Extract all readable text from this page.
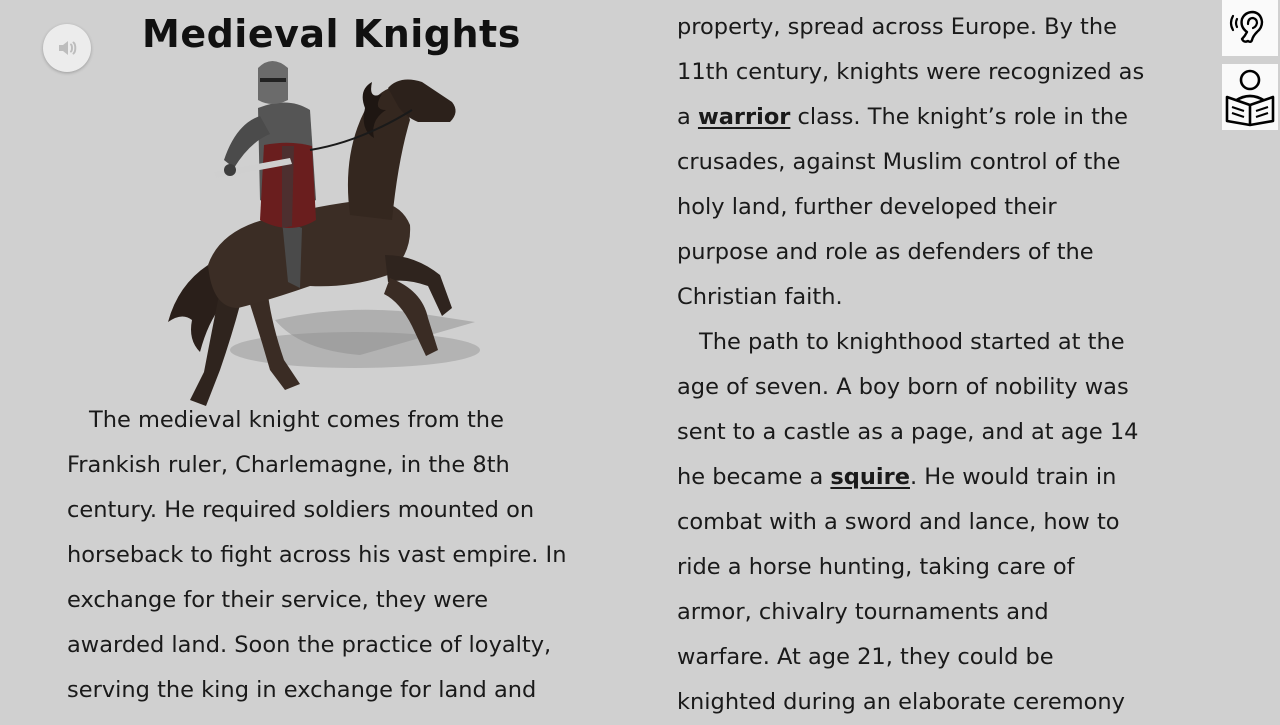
Medieval Knights
The medieval knight comes from the
Frankish ruler, Charlemagne, in the 8th
century. He required soldiers mounted on
horseback to fight across his vast empire. In
exchange for their service, they were
awarded land. Soon the practice of loyalty,
serving the king in exchange for land and
property, spread across Europe. By the
11th century, knights were recognized as
a warrior class. The knight’s role in the
crusades, against Muslim control of the
holy land, further developed their
purpose and role as defenders of the
Christian faith.
The path to knighthood started at the
age of seven. A boy born of nobility was
sent to a castle as a page, and at age 14
he became a squire. He would train in
combat with a sword and lance, how to
ride a horse hunting, taking care of
armor, chivalry tournaments and
warfare. At age 21, they could be
knighted during an elaborate ceremony
